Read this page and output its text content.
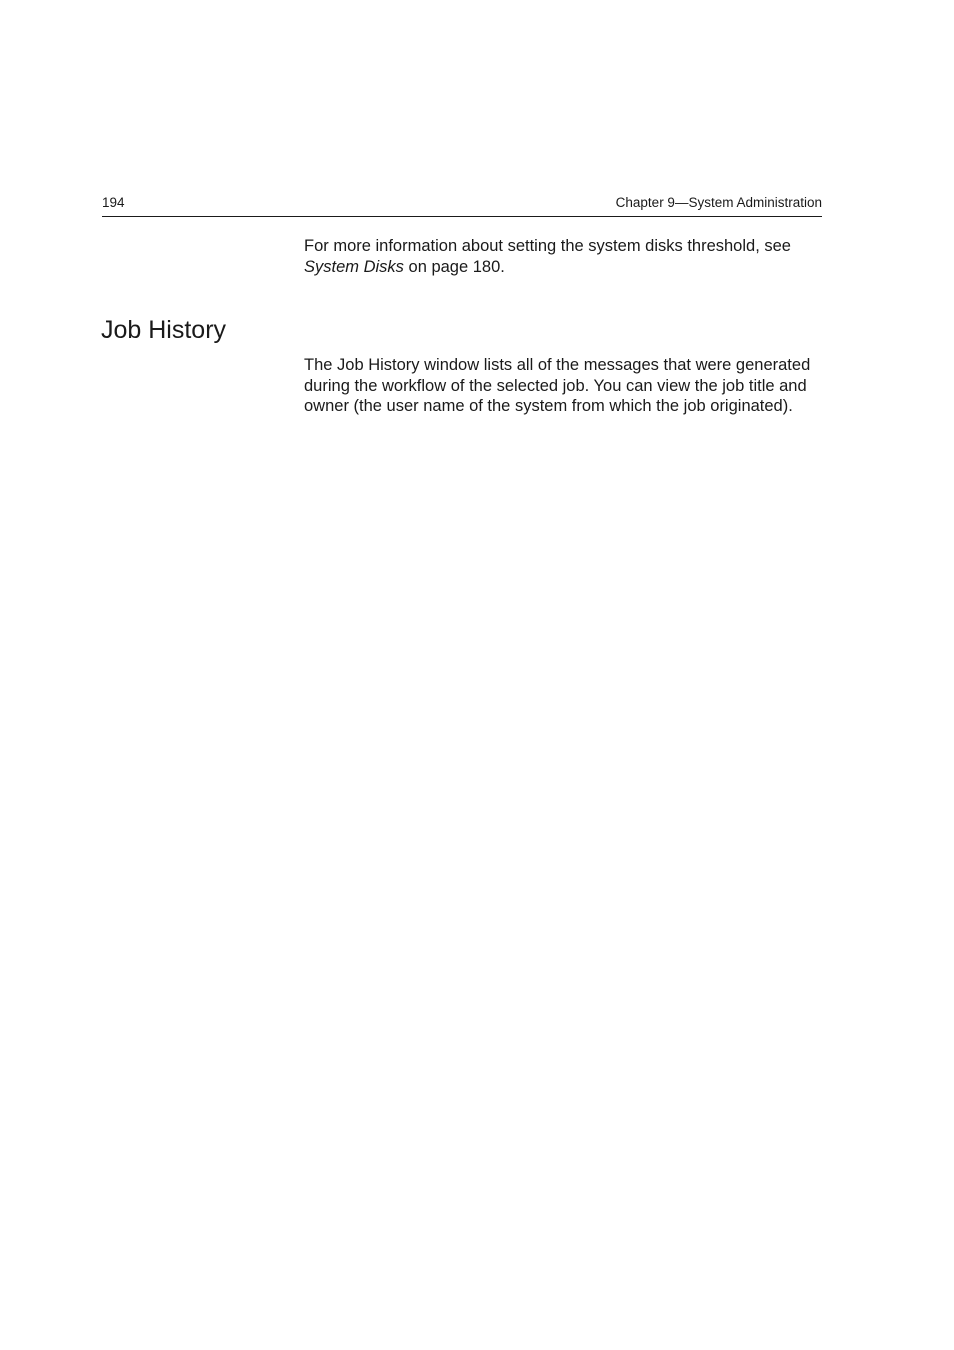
194	Chapter 9—System Administration

For more information about setting the system disks threshold, see System Disks on page 180.

Job History

The Job History window lists all of the messages that were generated during the workflow of the selected job. You can view the job title and owner (the user name of the system from which the job originated).
